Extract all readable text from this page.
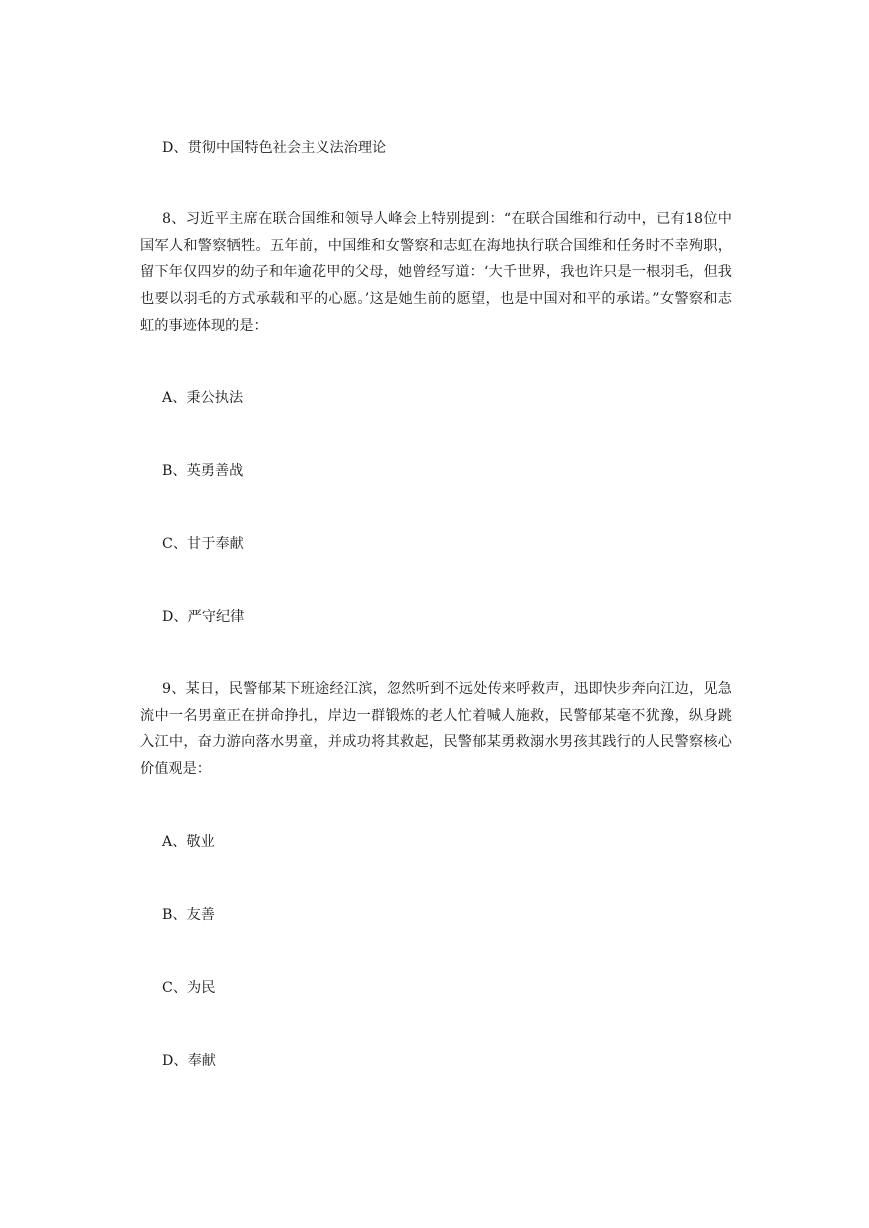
D、贯彻中国特色社会主义法治理论
8、习近平主席在联合国维和领导人峰会上特别提到：“在联合国维和行动中，已有18位中国军人和警察牺牲。五年前，中国维和女警察和志虹在海地执行联合国维和任务时不幸殉职，留下年仅四岁的幼子和年逾花甲的父母，她曾经写道：‘大千世界，我也许只是一根羽毛，但我也要以羽毛的方式承载和平的心愿。’这是她生前的愿望，也是中国对和平的承诺。”女警察和志虹的事迹体现的是：
A、秉公执法
B、英勇善战
C、甘于奉献
D、严守纪律
9、某日，民警郁某下班途经江滨，忽然听到不远处传来呼救声，迅即快步奔向江边，见急流中一名男童正在拼命挣扎，岸边一群锻炼的老人忙着喊人施救，民警郁某毫不犹豫，纵身跳入江中，奋力游向落水男童，并成功将其救起，民警郁某勇救溺水男孩其践行的人民警察核心价值观是：
A、敬业
B、友善
C、为民
D、奉献
